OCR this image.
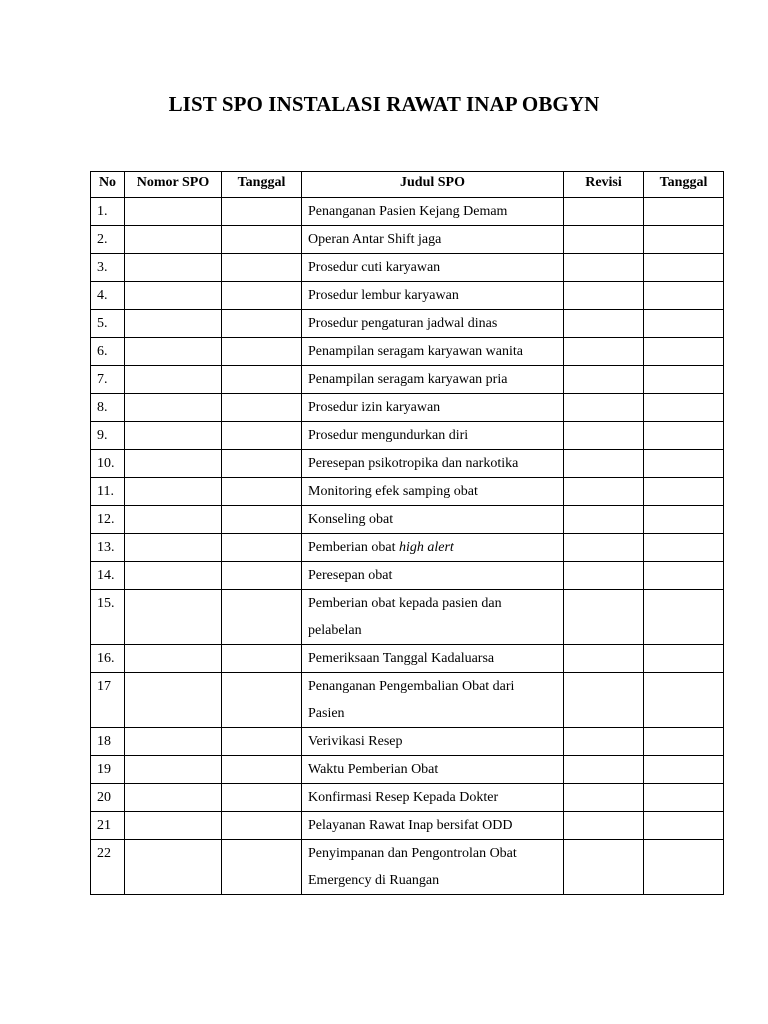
LIST SPO INSTALASI RAWAT INAP OBGYN
No	Nomor SPO	Tanggal	Judul SPO	Revisi	Tanggal
1.			Penanganan Pasien Kejang Demam		
2.			Operan Antar Shift jaga		
3.			Prosedur cuti karyawan		
4.			Prosedur lembur karyawan		
5.			Prosedur pengaturan jadwal dinas		
6.			Penampilan seragam karyawan wanita		
7.			Penampilan seragam karyawan pria		
8.			Prosedur izin karyawan		
9.			Prosedur mengundurkan diri		
10.			Peresepan psikotropika dan narkotika		
11.			Monitoring efek samping obat		
12.			Konseling obat		
13.			Pemberian obat high alert		
14.			Peresepan obat		
15.			Pemberian obat kepada pasien dan
pelabelan		
16.			Pemeriksaan Tanggal Kadaluarsa		
17			Penanganan Pengembalian Obat dari
Pasien		
18			Verivikasi Resep		
19			Waktu Pemberian Obat		
20			Konfirmasi Resep Kepada Dokter		
21			Pelayanan Rawat Inap bersifat ODD		
22			Penyimpanan dan Pengontrolan Obat
Emergency di Ruangan		
